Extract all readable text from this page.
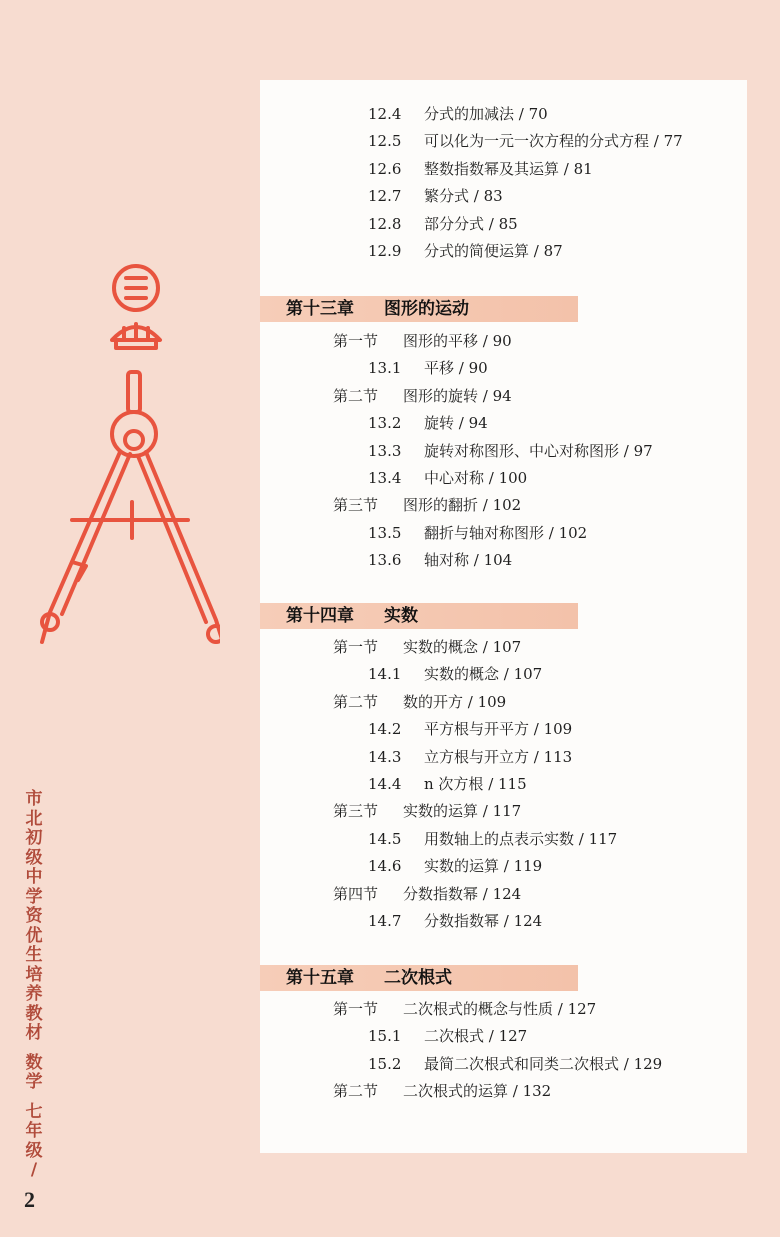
12.4 分式的加减法 / 70
12.5 可以化为一元一次方程的分式方程 / 77
12.6 整数指数幂及其运算 / 81
12.7 繁分式 / 83
12.8 部分分式 / 85
12.9 分式的简便运算 / 87
第十三章 图形的运动
第一节 图形的平移 / 90
13.1 平移 / 90
第二节 图形的旋转 / 94
13.2 旋转 / 94
13.3 旋转对称图形、中心对称图形 / 97
13.4 中心对称 / 100
第三节 图形的翻折 / 102
13.5 翻折与轴对称图形 / 102
13.6 轴对称 / 104
第十四章 实数
第一节 实数的概念 / 107
14.1 实数的概念 / 107
第二节 数的开方 / 109
14.2 平方根与开平方 / 109
14.3 立方根与开立方 / 113
14.4 n 次方根 / 115
第三节 实数的运算 / 117
14.5 用数轴上的点表示实数 / 117
14.6 实数的运算 / 119
第四节 分数指数幂 / 124
14.7 分数指数幂 / 124
第十五章 二次根式
第一节 二次根式的概念与性质 / 127
15.1 二次根式 / 127
15.2 最简二次根式和同类二次根式 / 129
第二节 二次根式的运算 / 132
市
北
初
级
中
学
资
优
生
培
养
教
材

数
学

七
年
级
/
2
